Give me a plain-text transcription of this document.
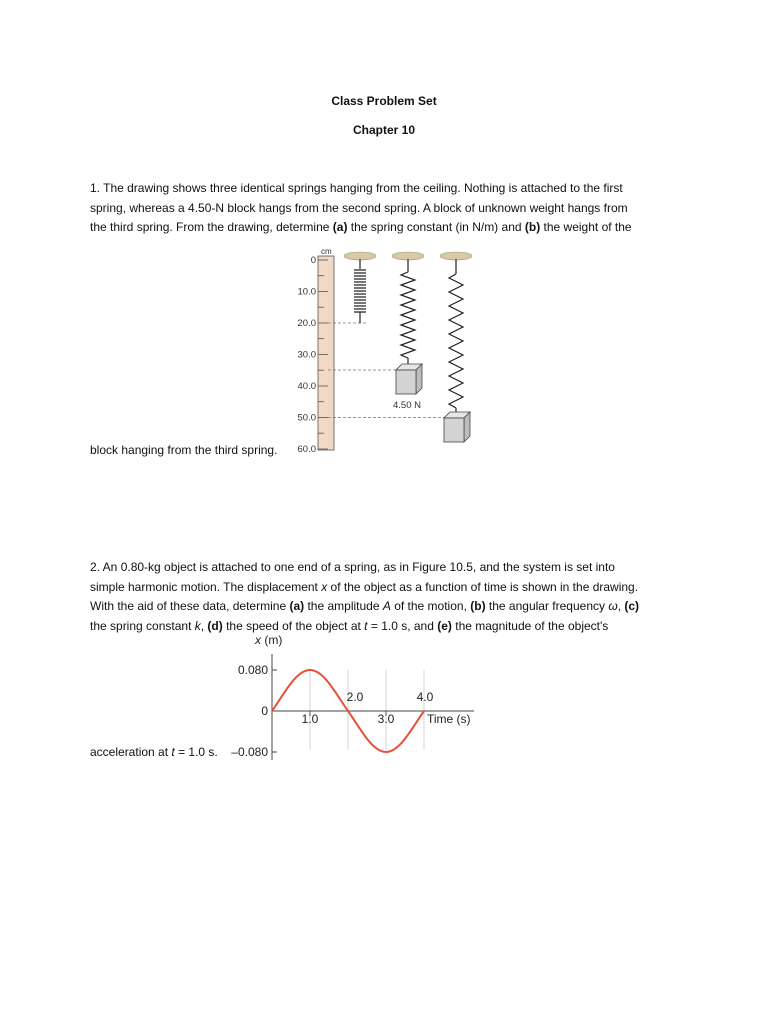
Class Problem Set
Chapter 10
1. The drawing shows three identical springs hanging from the ceiling. Nothing is attached to the first
spring, whereas a 4.50-N block hangs from the second spring. A block of unknown weight hangs from
the third spring. From the drawing, determine (a) the spring constant (in N/m) and (b) the weight of the
block hanging from the third spring.
cm
0
10.0
20.0
30.0
40.0
50.0
60.0
4.50 N
2. An 0.80-kg object is attached to one end of a spring, as in Figure 10.5, and the system is set into
simple harmonic motion. The displacement x of the object as a function of time is shown in the drawing.
With the aid of these data, determine (a) the amplitude A of the motion, (b) the angular frequency ω, (c)
the spring constant k, (d) the speed of the object at t = 1.0 s, and (e) the magnitude of the object's
acceleration at t = 1.0 s.
x (m)
0.080
0
–0.080
1.0	3.0
2.0	4.0
Time (s)
